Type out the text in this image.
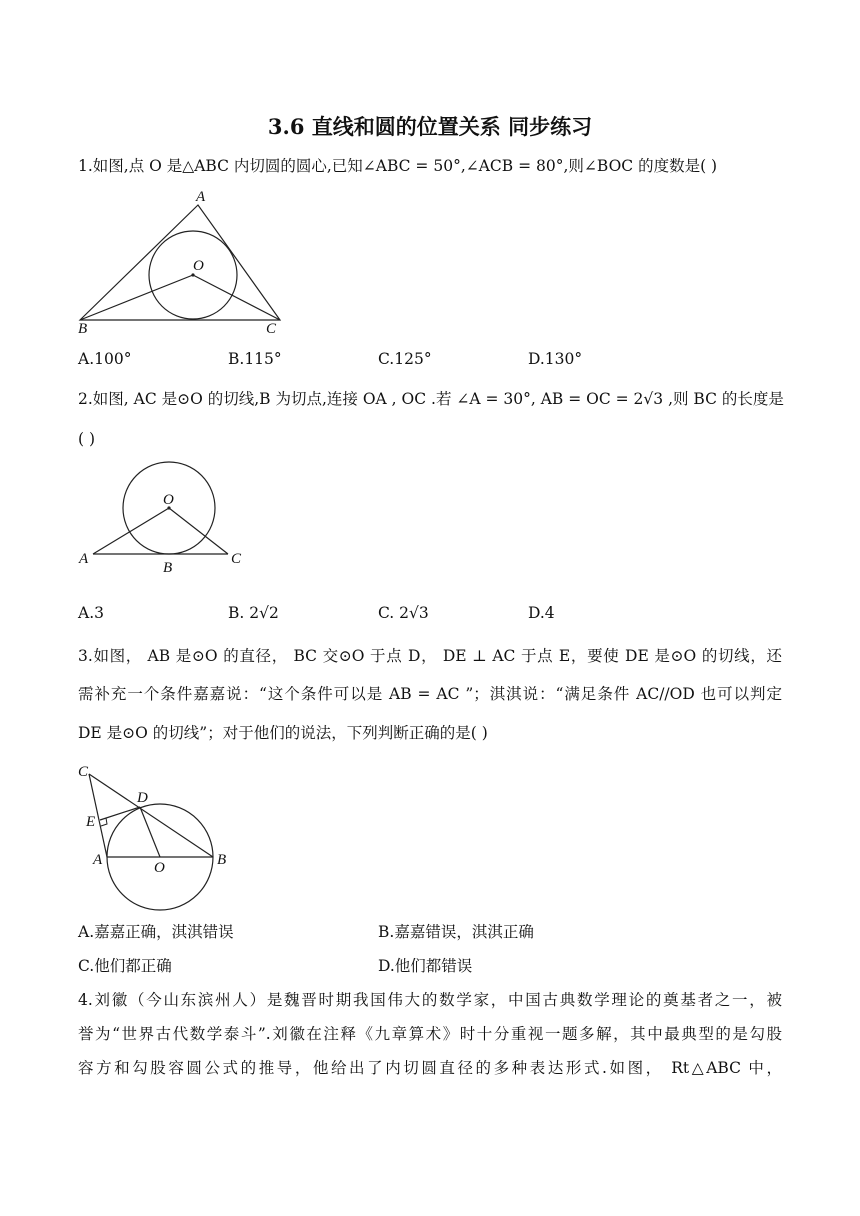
3.6 直线和圆的位置关系 同步练习
1.如图,点 O 是△ABC 内切圆的圆心,已知∠ABC = 50°,∠ACB = 80°,则∠BOC 的度数是( )
A
B	C
O
A.100°	B.115°	C.125°	D.130°
2.如图, AC 是⊙O 的切线,B 为切点,连接 OA , OC .若 ∠A = 30°, AB = OC = 2√3 ,则 BC 的长度是
( )
O
A
B
C
A.3	B. 2√2	C. 2√3	D.4
3.如图， AB 是⊙O 的直径， BC 交⊙O 于点 D， DE ⊥ AC 于点 E，要使 DE 是⊙O 的切线，还
需补充一个条件嘉嘉说：“这个条件可以是 AB = AC ”；淇淇说：“满足条件 AC//OD 也可以判定
DE 是⊙O 的切线”；对于他们的说法，下列判断正确的是( )
C
D
E
A	O	B
A.嘉嘉正确，淇淇错误	B.嘉嘉错误，淇淇正确
C.他们都正确	D.他们都错误
4.刘徽（今山东滨州人）是魏晋时期我国伟大的数学家，中国古典数学理论的奠基者之一，被
誉为“世界古代数学泰斗”.刘徽在注释《九章算术》时十分重视一题多解，其中最典型的是勾股
容方和勾股容圆公式的推导，他给出了内切圆直径的多种表达形式.如图， Rt△ABC 中，
